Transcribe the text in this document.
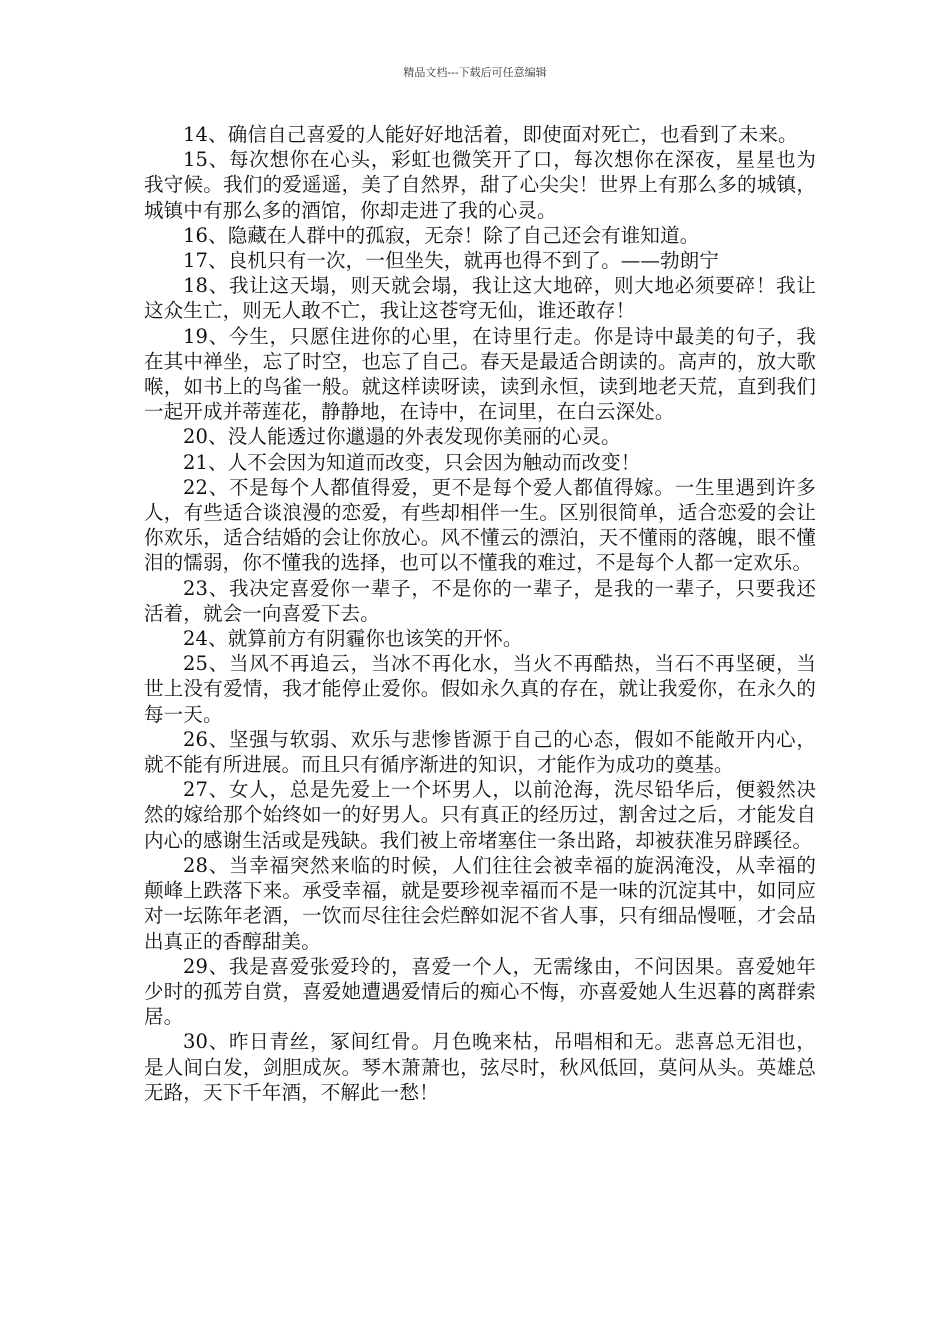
精品文档---下载后可任意编辑

14、确信自己喜爱的人能好好地活着，即使面对死亡，也看到了未来。

15、每次想你在心头，彩虹也微笑开了口，每次想你在深夜，星星也为我守候。我们的爱遥遥，美了自然界，甜了心尖尖！世界上有那么多的城镇，城镇中有那么多的酒馆，你却走进了我的心灵。

16、隐藏在人群中的孤寂，无奈！除了自己还会有谁知道。

17、良机只有一次，一但坐失，就再也得不到了。——勃朗宁

18、我让这天塌，则天就会塌，我让这大地碎，则大地必须要碎！我让这众生亡，则无人敢不亡，我让这苍穹无仙，谁还敢存！

19、今生，只愿住进你的心里，在诗里行走。你是诗中最美的句子，我在其中禅坐，忘了时空，也忘了自己。春天是最适合朗读的。高声的，放大歌喉，如书上的鸟雀一般。就这样读呀读，读到永恒，读到地老天荒，直到我们一起开成并蒂莲花，静静地，在诗中，在词里，在白云深处。

20、没人能透过你邋遢的外表发现你美丽的心灵。

21、人不会因为知道而改变，只会因为触动而改变！

22、不是每个人都值得爱，更不是每个爱人都值得嫁。一生里遇到许多人，有些适合谈浪漫的恋爱，有些却相伴一生。区别很简单，适合恋爱的会让你欢乐，适合结婚的会让你放心。风不懂云的漂泊，天不懂雨的落魄，眼不懂泪的懦弱，你不懂我的选择，也可以不懂我的难过，不是每个人都一定欢乐。

23、我决定喜爱你一辈子，不是你的一辈子，是我的一辈子，只要我还活着，就会一向喜爱下去。

24、就算前方有阴霾你也该笑的开怀。

25、当风不再追云，当冰不再化水，当火不再酷热，当石不再坚硬，当世上没有爱情，我才能停止爱你。假如永久真的存在，就让我爱你，在永久的每一天。

26、坚强与软弱、欢乐与悲惨皆源于自己的心态，假如不能敞开内心，就不能有所进展。而且只有循序渐进的知识，才能作为成功的奠基。

27、女人，总是先爱上一个坏男人，以前沧海，洗尽铅华后，便毅然决然的嫁给那个始终如一的好男人。只有真正的经历过，割舍过之后，才能发自内心的感谢生活或是残缺。我们被上帝堵塞住一条出路，却被获准另辟蹊径。

28、当幸福突然来临的时候，人们往往会被幸福的旋涡淹没，从幸福的颠峰上跌落下来。承受幸福，就是要珍视幸福而不是一味的沉淀其中，如同应对一坛陈年老酒，一饮而尽往往会烂醉如泥不省人事，只有细品慢咂，才会品出真正的香醇甜美。

29、我是喜爱张爱玲的，喜爱一个人，无需缘由，不问因果。喜爱她年少时的孤芳自赏，喜爱她遭遇爱情后的痴心不悔，亦喜爱她人生迟暮的离群索居。

30、昨日青丝，冢间红骨。月色晚来枯，吊唱相和无。悲喜总无泪也，是人间白发，剑胆成灰。琴木萧萧也，弦尽时，秋风低回，莫问从头。英雄总无路，天下千年酒，不解此一愁！
